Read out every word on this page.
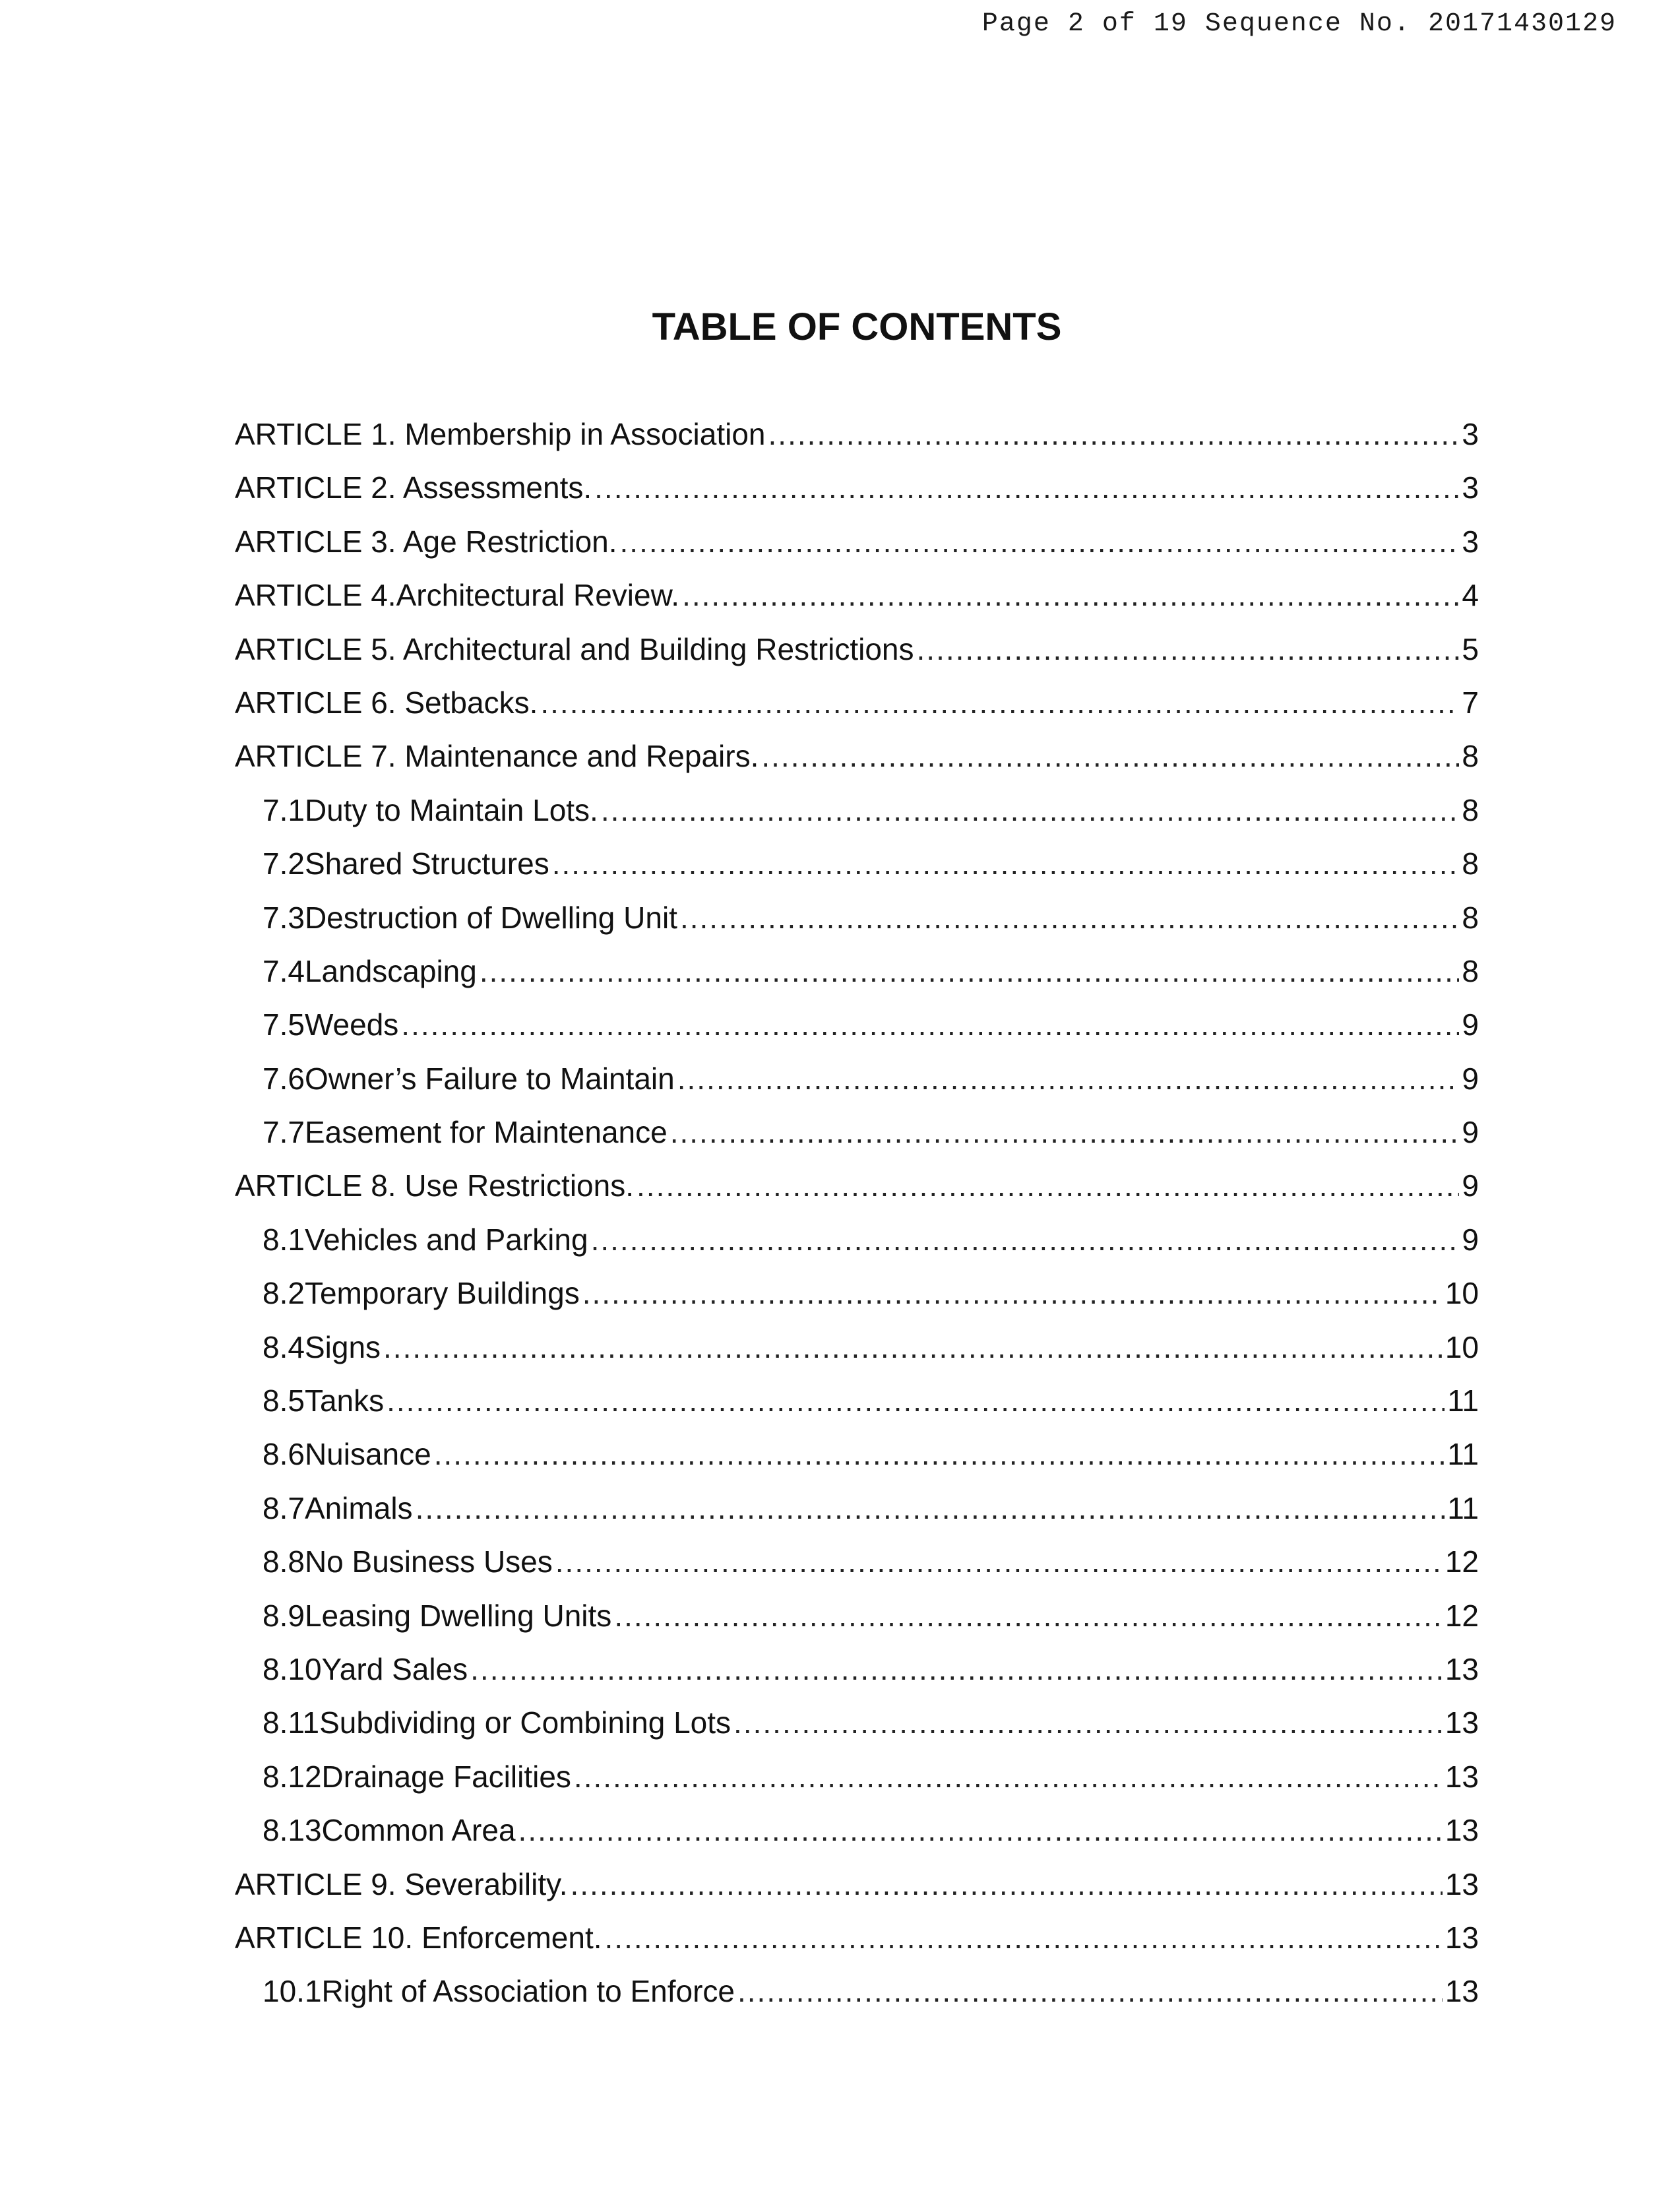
Page 2 of 19 Sequence No. 20171430129
TABLE OF CONTENTS
ARTICLE 1. Membership in Association .....	3
ARTICLE 2. Assessments. .....	3
ARTICLE 3. Age Restriction. .....	3
ARTICLE 4.Architectural Review. .....	4
ARTICLE 5. Architectural and Building Restrictions .....	5
ARTICLE 6. Setbacks. .....	7
ARTICLE 7. Maintenance and Repairs. .....	8
7.1 Duty to Maintain Lots. .....	8
7.2 Shared Structures .....	8
7.3 Destruction of Dwelling Unit .....	8
7.4 Landscaping .....	8
7.5 Weeds .....	9
7.6 Owner’s Failure to Maintain .....	9
7.7 Easement for Maintenance .....	9
ARTICLE 8. Use Restrictions. .....	9
8.1 Vehicles and Parking .....	9
8.2 Temporary Buildings .....	10
8.4 Signs .....	10
8.5 Tanks .....	11
8.6 Nuisance .....	11
8.7 Animals .....	11
8.8 No Business Uses .....	12
8.9 Leasing Dwelling Units .....	12
8.10 Yard Sales .....	13
8.11 Subdividing or Combining Lots .....	13
8.12 Drainage Facilities .....	13
8.13 Common Area .....	13
ARTICLE 9. Severability. .....	13
ARTICLE 10. Enforcement. .....	13
10.1 Right of Association to Enforce .....	13
